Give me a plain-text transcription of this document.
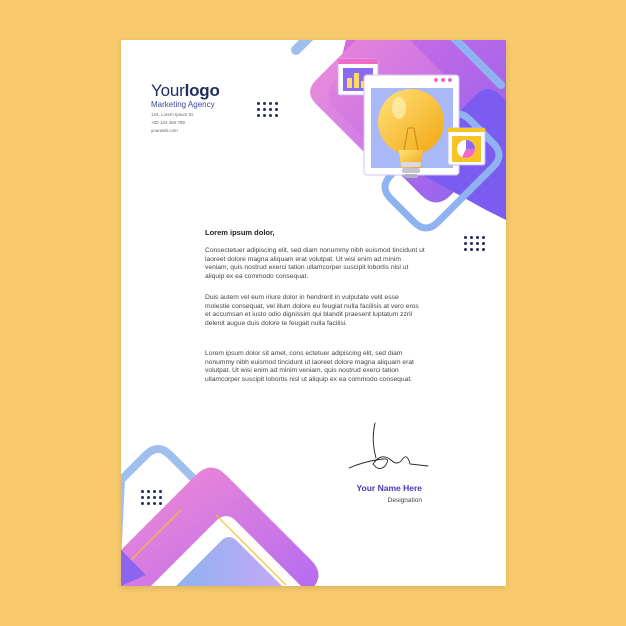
Yourlogo
Marketing Agency
123, Lorem Ipsum St.
+00 123 456 789
yourweb.com
Lorem ipsum dolor,
Consectetuer adipiscing elit, sed diam nonummy nibh euismod tincidunt ut laoreet dolore magna aliquam erat volutpat. Ut wisi enim ad minim veniam, quis nostrud exerci tation ullamcorper suscipit lobortis nisl ut aliquip ex ea commodo consequat.
Duis autem vel eum iriure dolor in hendrerit in vulputate velit esse molestie consequat, vel illum dolore eu feugiat nulla facilisis at vero eros et accumsan et iusto odio dignissim qui blandit praesent luptatum zzril delenit augue duis dolore te feugait nulla facilisi.
Lorem ipsum dolor sit amet, cons ectetuer adipiscing elit, sed diam nonummy nibh euismod tincidunt ut laoreet dolore magna aliquam erat volutpat. Ut wisi enim ad minim veniam, quis nostrud exerci tation ullamcorper suscipit lobortis nisl ut aliquip ex ea commodo consequat.
Your Name Here
Designation
